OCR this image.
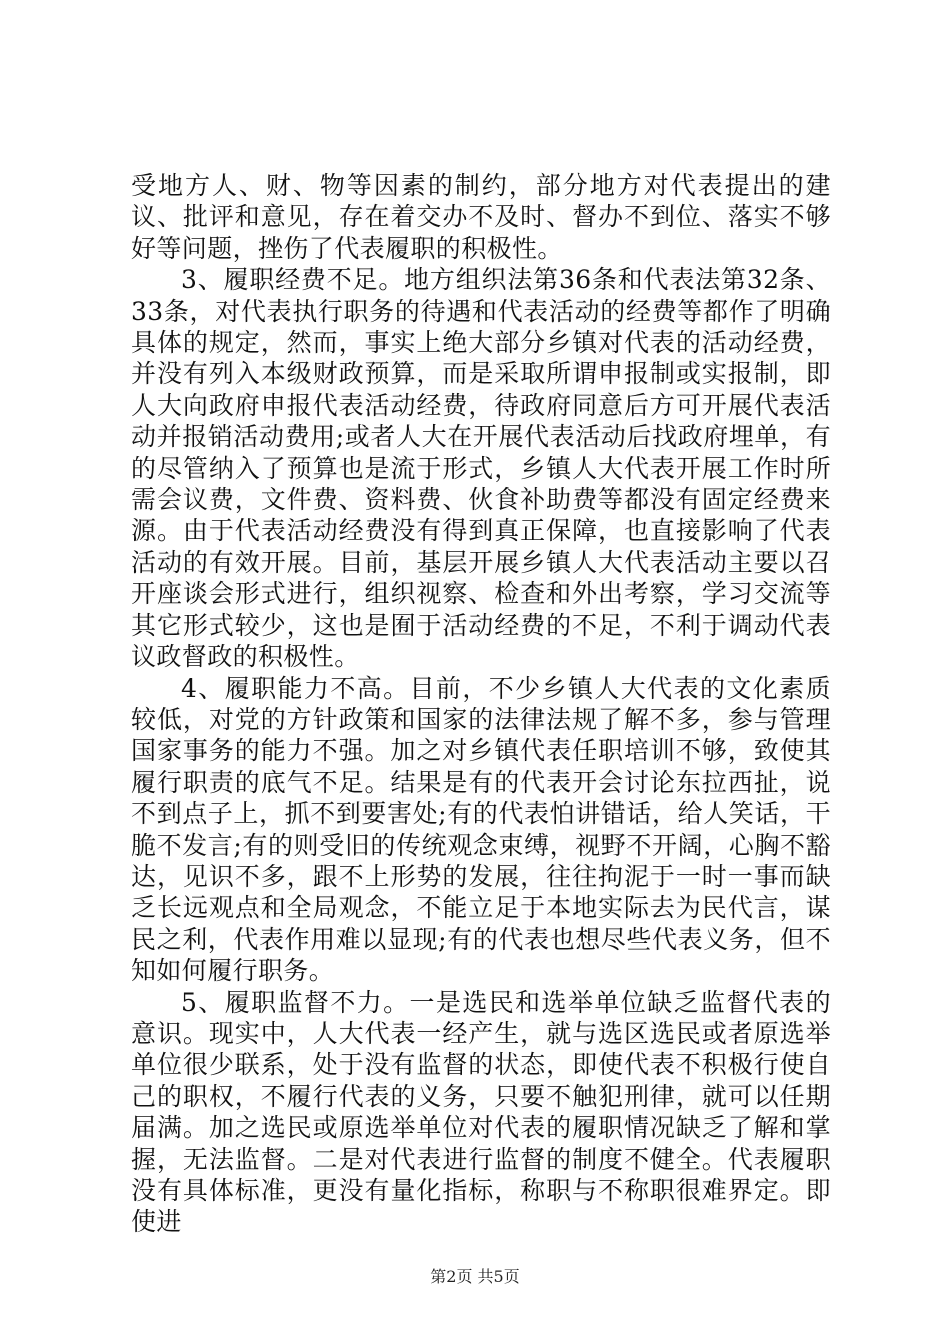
受地方人、财、物等因素的制约，部分地方对代表提出的建议、批评和意见，存在着交办不及时、督办不到位、落实不够好等问题，挫伤了代表履职的积极性。

3、履职经费不足。地方组织法第36条和代表法第32条、33条，对代表执行职务的待遇和代表活动的经费等都作了明确具体的规定，然而，事实上绝大部分乡镇对代表的活动经费，并没有列入本级财政预算，而是采取所谓申报制或实报制，即人大向政府申报代表活动经费，待政府同意后方可开展代表活动并报销活动费用;或者人大在开展代表活动后找政府埋单，有的尽管纳入了预算也是流于形式，乡镇人大代表开展工作时所需会议费，文件费、资料费、伙食补助费等都没有固定经费来源。由于代表活动经费没有得到真正保障，也直接影响了代表活动的有效开展。目前，基层开展乡镇人大代表活动主要以召开座谈会形式进行，组织视察、检查和外出考察，学习交流等其它形式较少，这也是囿于活动经费的不足，不利于调动代表议政督政的积极性。

4、履职能力不高。目前，不少乡镇人大代表的文化素质较低，对党的方针政策和国家的法律法规了解不多，参与管理国家事务的能力不强。加之对乡镇代表任职培训不够，致使其履行职责的底气不足。结果是有的代表开会讨论东拉西扯，说不到点子上，抓不到要害处;有的代表怕讲错话，给人笑话，干脆不发言;有的则受旧的传统观念束缚，视野不开阔，心胸不豁达，见识不多，跟不上形势的发展，往往拘泥于一时一事而缺乏长远观点和全局观念，不能立足于本地实际去为民代言，谋民之利，代表作用难以显现;有的代表也想尽些代表义务，但不知如何履行职务。

5、履职监督不力。一是选民和选举单位缺乏监督代表的意识。现实中，人大代表一经产生，就与选区选民或者原选举单位很少联系，处于没有监督的状态，即使代表不积极行使自己的职权，不履行代表的义务，只要不触犯刑律，就可以任期届满。加之选民或原选举单位对代表的履职情况缺乏了解和掌握，无法监督。二是对代表进行监督的制度不健全。代表履职没有具体标准，更没有量化指标，称职与不称职很难界定。即使进

第2页 共5页
